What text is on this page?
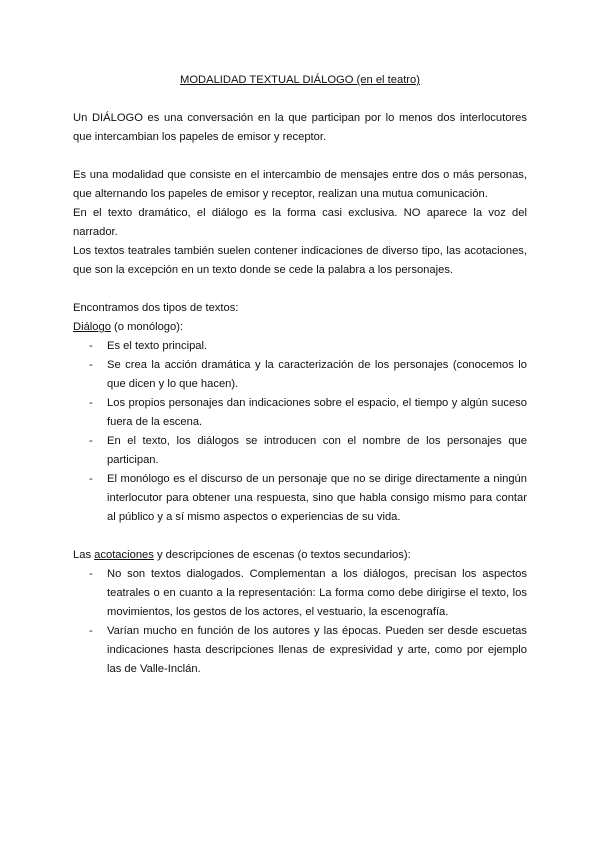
MODALIDAD TEXTUAL DIÁLOGO (en el teatro)

Un DIÁLOGO es una conversación en la que participan por lo menos dos interlocutores que intercambian los papeles de emisor y receptor.

Es una modalidad que consiste en el intercambio de mensajes entre dos o más personas, que alternando los papeles de emisor y receptor, realizan una mutua comunicación.

En el texto dramático, el diálogo es la forma casi exclusiva. NO aparece la voz del narrador.

Los textos teatrales también suelen contener indicaciones de diverso tipo, las acotaciones, que son la excepción en un texto donde se cede la palabra a los personajes.

Encontramos dos tipos de textos:

Diálogo (o monólogo):

- Es el texto principal.
- Se crea la acción dramática y la caracterización de los personajes (conocemos lo que dicen y lo que hacen).
- Los propios personajes dan indicaciones sobre el espacio, el tiempo y algún suceso fuera de la escena.
- En el texto, los diálogos se introducen con el nombre de los personajes que participan.
- El monólogo es el discurso de un personaje que no se dirige directamente a ningún interlocutor para obtener una respuesta, sino que habla consigo mismo para contar al público y a sí mismo aspectos o experiencias de su vida.

Las acotaciones y descripciones de escenas (o textos secundarios):

- No son textos dialogados. Complementan a los diálogos, precisan los aspectos teatrales o en cuanto a la representación: La forma como debe dirigirse el texto, los movimientos, los gestos de los actores, el vestuario, la escenografía.
- Varían mucho en función de los autores y las épocas. Pueden ser desde escuetas indicaciones hasta descripciones llenas de expresividad y arte, como por ejemplo las de Valle-Inclán.
